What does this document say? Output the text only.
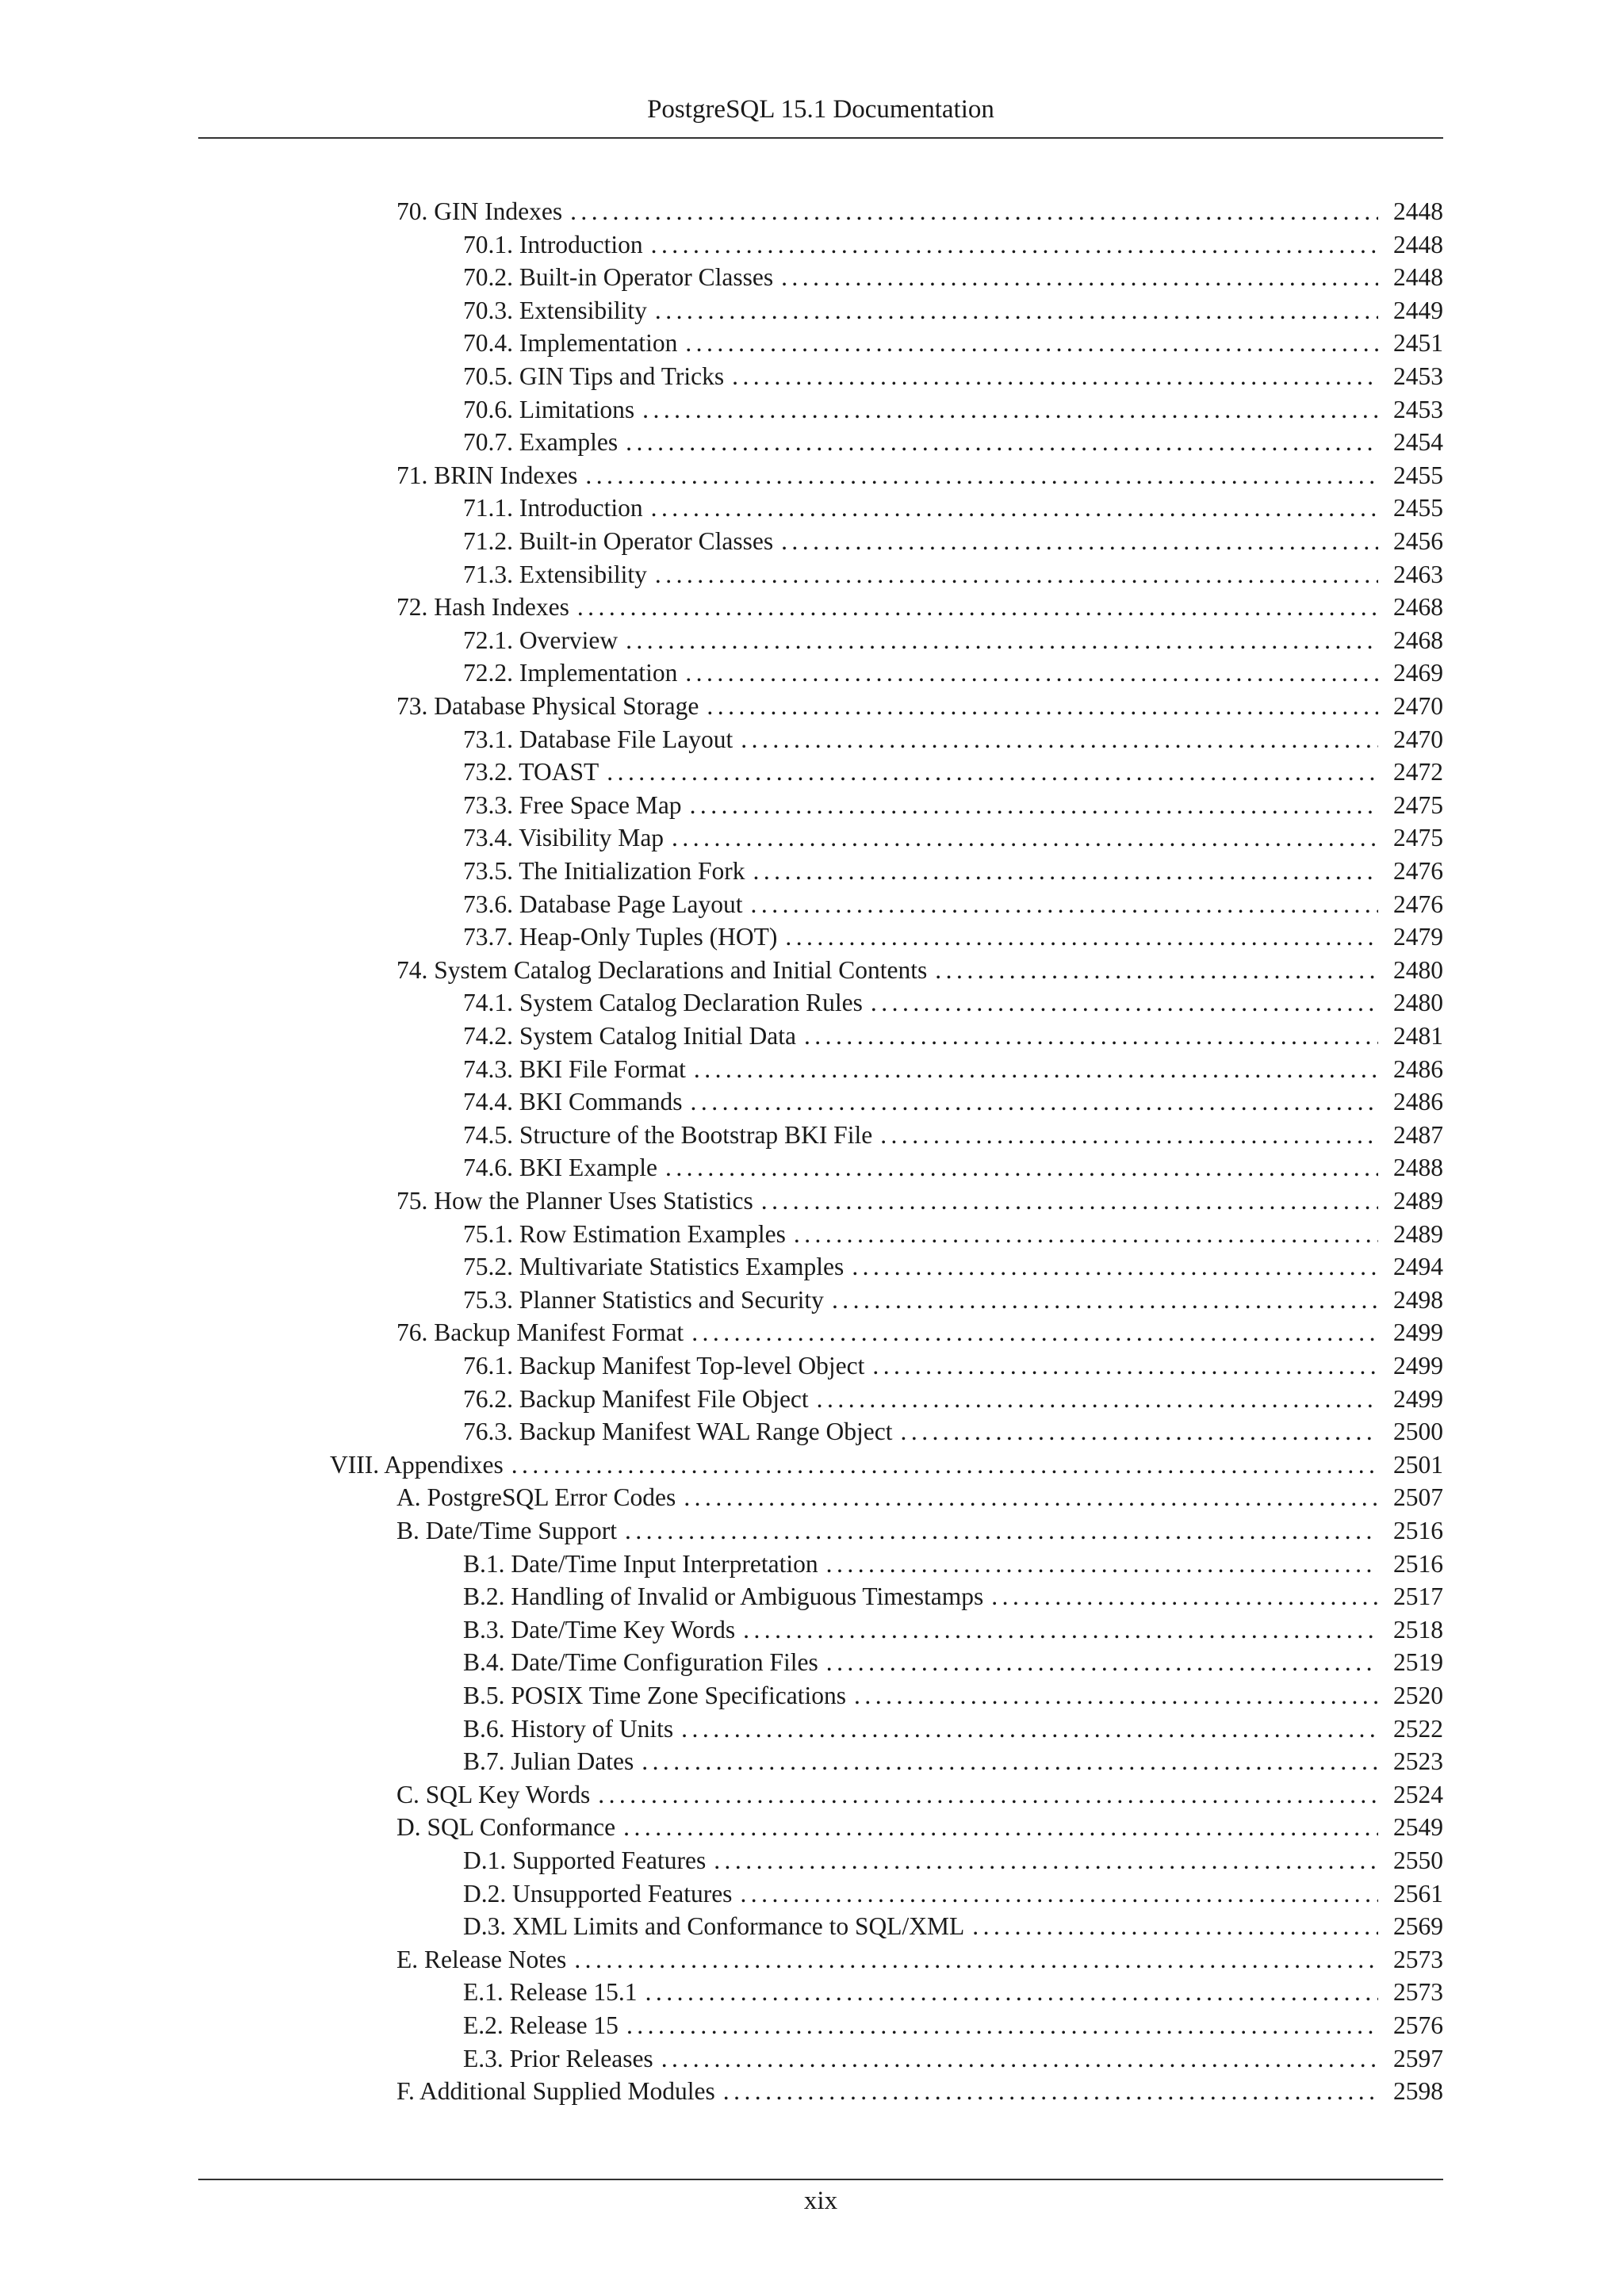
PostgreSQL 15.1 Documentation
70. GIN Indexes . . .	2448
70.1. Introduction . . .	2448
70.2. Built-in Operator Classes . . .	2448
70.3. Extensibility . . .	2449
70.4. Implementation . . .	2451
70.5. GIN Tips and Tricks . . .	2453
70.6. Limitations . . .	2453
70.7. Examples . . .	2454
71. BRIN Indexes . . .	2455
71.1. Introduction . . .	2455
71.2. Built-in Operator Classes . . .	2456
71.3. Extensibility . . .	2463
72. Hash Indexes . . .	2468
72.1. Overview . . .	2468
72.2. Implementation . . .	2469
73. Database Physical Storage . . .	2470
73.1. Database File Layout . . .	2470
73.2. TOAST . . .	2472
73.3. Free Space Map . . .	2475
73.4. Visibility Map . . .	2475
73.5. The Initialization Fork . . .	2476
73.6. Database Page Layout . . .	2476
73.7. Heap-Only Tuples (HOT) . . .	2479
74. System Catalog Declarations and Initial Contents . . .	2480
74.1. System Catalog Declaration Rules . . .	2480
74.2. System Catalog Initial Data . . .	2481
74.3. BKI File Format . . .	2486
74.4. BKI Commands . . .	2486
74.5. Structure of the Bootstrap BKI File . . .	2487
74.6. BKI Example . . .	2488
75. How the Planner Uses Statistics . . .	2489
75.1. Row Estimation Examples . . .	2489
75.2. Multivariate Statistics Examples . . .	2494
75.3. Planner Statistics and Security . . .	2498
76. Backup Manifest Format . . .	2499
76.1. Backup Manifest Top-level Object . . .	2499
76.2. Backup Manifest File Object . . .	2499
76.3. Backup Manifest WAL Range Object . . .	2500
VIII. Appendixes . . .	2501
A. PostgreSQL Error Codes . . .	2507
B. Date/Time Support . . .	2516
B.1. Date/Time Input Interpretation . . .	2516
B.2. Handling of Invalid or Ambiguous Timestamps . . .	2517
B.3. Date/Time Key Words . . .	2518
B.4. Date/Time Configuration Files . . .	2519
B.5. POSIX Time Zone Specifications . . .	2520
B.6. History of Units . . .	2522
B.7. Julian Dates . . .	2523
C. SQL Key Words . . .	2524
D. SQL Conformance . . .	2549
D.1. Supported Features . . .	2550
D.2. Unsupported Features . . .	2561
D.3. XML Limits and Conformance to SQL/XML . . .	2569
E. Release Notes . . .	2573
E.1. Release 15.1 . . .	2573
E.2. Release 15 . . .	2576
E.3. Prior Releases . . .	2597
F. Additional Supplied Modules . . .	2598
xix
